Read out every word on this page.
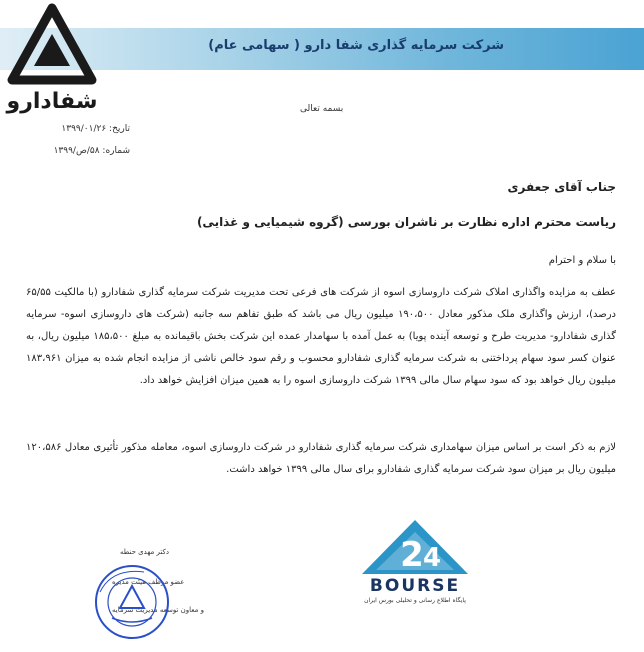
شرکت سرمایه گذاری شفا دارو ( سهامی عام)
شفادارو	بسمه تعالی
تاریخ: ۱۳۹۹/۰۱/۲۶
شماره: ۵۸/ص/۱۳۹۹
جناب آقای جعفری
ریاست محترم اداره نظارت بر ناشران بورسی (گروه شیمیایی و غذایی)
با سلام و احترام
عطف به مزایده واگذاری املاک شرکت داروسازی اسوه از شرکت های فرعی تحت مدیریت شرکت سرمایه گذاری شفادارو (با مالکیت ۶۵/۵۵ درصد)، ارزش واگذاری ملک مذکور معادل ۱۹۰،۵۰۰ میلیون ریال می باشد که طبق تفاهم سه جانبه (شرکت های داروسازی اسوه- سرمایه گذاری شفادارو- مدیریت طرح و توسعه آینده پویا) به عمل آمده با سهامدار عمده این شرکت بخش باقیمانده به مبلغ ۱۸۵،۵۰۰ میلیون ریال، به عنوان کسر سود سهام پرداختنی به شرکت سرمایه گذاری شفادارو محسوب و رقم سود خالص ناشی از مزایده انجام شده به میزان ۱۸۳،۹۶۱ میلیون ریال خواهد بود که سود سهام سال مالی ۱۳۹۹ شرکت داروسازی اسوه را به همین میزان افزایش خواهد داد.
لازم به ذکر است بر اساس میزان سهامداری شرکت سرمایه گذاری شفادارو در شرکت داروسازی اسوه، معامله مذکور تأثیری معادل ۱۲۰،۵۸۶ میلیون ریال بر میزان سود شرکت سرمایه گذاری شفادارو برای سال مالی ۱۳۹۹ خواهد داشت.
دکتر مهدی حنطه
عضو موظف هیئت مدیره
و معاون توسعه مدیریت سرمایه
2 4
BOURSE
پایگاه اطلاع رسانی و تحلیلی بورس ایران
